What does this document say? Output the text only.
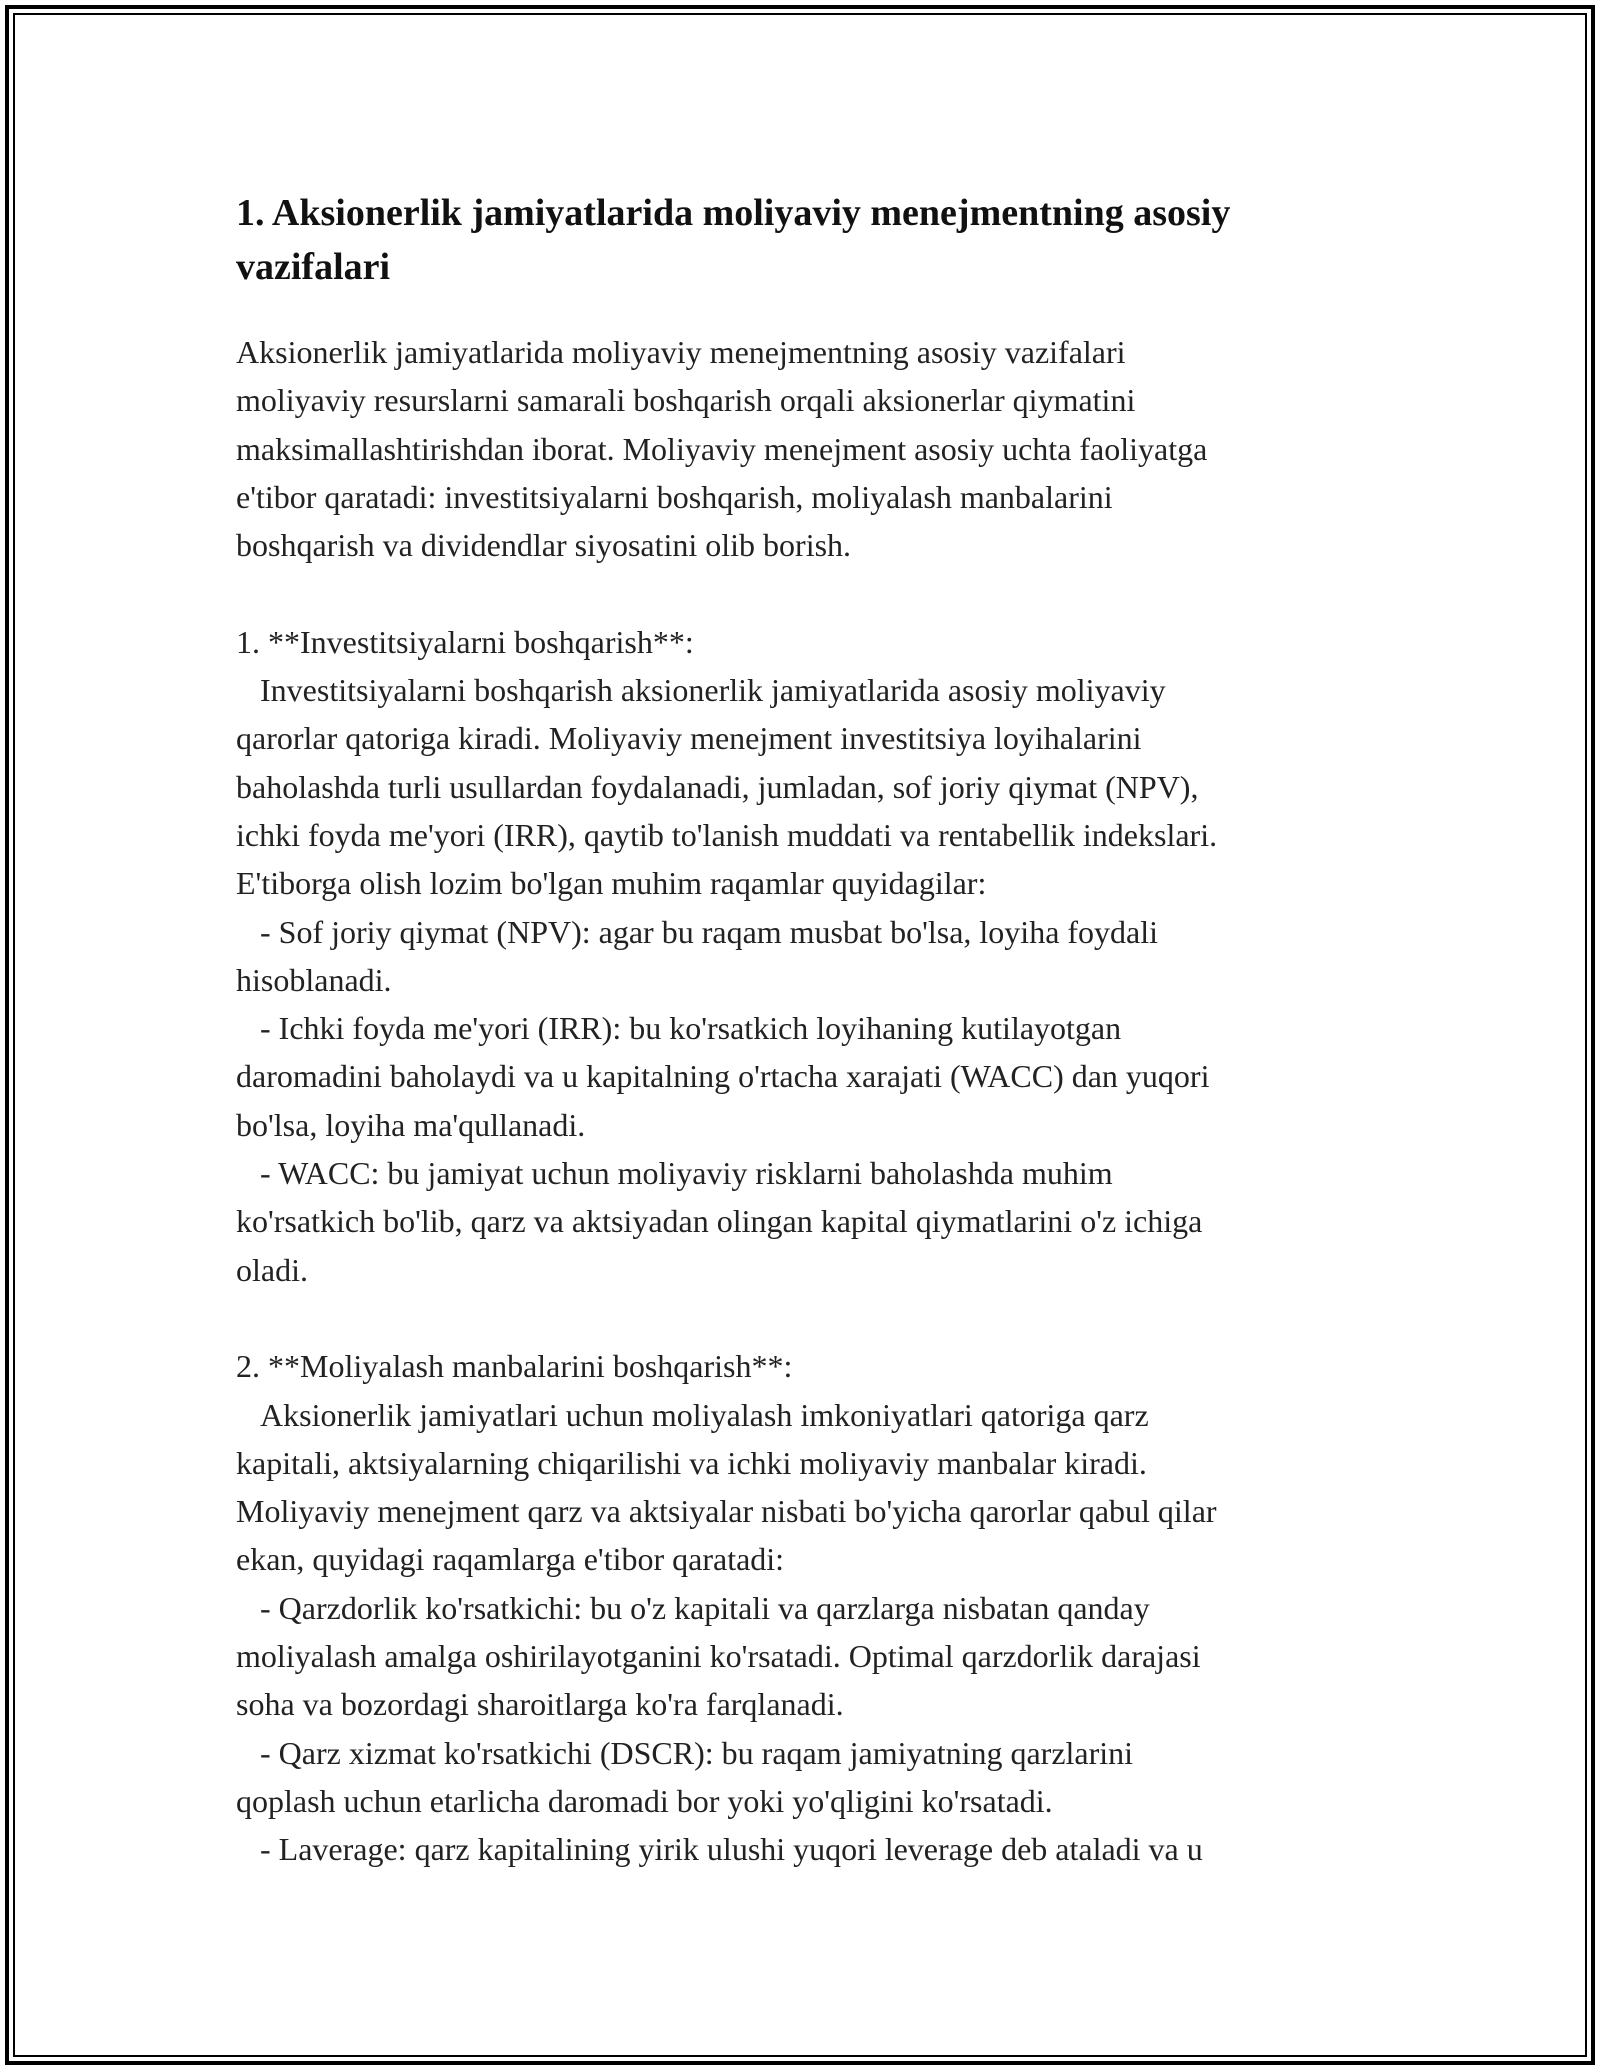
1. Aksionerlik jamiyatlarida moliyaviy menejmentning asosiy vazifalari
Aksionerlik jamiyatlarida moliyaviy menejmentning asosiy vazifalari
moliyaviy resurslarni samarali boshqarish orqali aksionerlar qiymatini
maksimallashtirishdan iborat. Moliyaviy menejment asosiy uchta faoliyatga
e'tibor qaratadi: investitsiyalarni boshqarish, moliyalash manbalarini
boshqarish va dividendlar siyosatini olib borish.

1. **Investitsiyalarni boshqarish**:
Investitsiyalarni boshqarish aksionerlik jamiyatlarida asosiy moliyaviy
qarorlar qatoriga kiradi. Moliyaviy menejment investitsiya loyihalarini
baholashda turli usullardan foydalanadi, jumladan, sof joriy qiymat (NPV),
ichki foyda me'yori (IRR), qaytib to'lanish muddati va rentabellik indekslari.
E'tiborga olish lozim bo'lgan muhim raqamlar quyidagilar:
- Sof joriy qiymat (NPV): agar bu raqam musbat bo'lsa, loyiha foydali
hisoblanadi.
- Ichki foyda me'yori (IRR): bu ko'rsatkich loyihaning kutilayotgan
daromadini baholaydi va u kapitalning o'rtacha xarajati (WACC) dan yuqori
bo'lsa, loyiha ma'qullanadi.
- WACC: bu jamiyat uchun moliyaviy risklarni baholashda muhim
ko'rsatkich bo'lib, qarz va aktsiyadan olingan kapital qiymatlarini o'z ichiga
oladi.

2. **Moliyalash manbalarini boshqarish**:
Aksionerlik jamiyatlari uchun moliyalash imkoniyatlari qatoriga qarz
kapitali, aktsiyalarning chiqarilishi va ichki moliyaviy manbalar kiradi.
Moliyaviy menejment qarz va aktsiyalar nisbati bo'yicha qarorlar qabul qilar
ekan, quyidagi raqamlarga e'tibor qaratadi:
- Qarzdorlik ko'rsatkichi: bu o'z kapitali va qarzlarga nisbatan qanday
moliyalash amalga oshirilayotganini ko'rsatadi. Optimal qarzdorlik darajasi
soha va bozordagi sharoitlarga ko'ra farqlanadi.
- Qarz xizmat ko'rsatkichi (DSCR): bu raqam jamiyatning qarzlarini
qoplash uchun etarlicha daromadi bor yoki yo'qligini ko'rsatadi.
- Laverage: qarz kapitalining yirik ulushi yuqori leverage deb ataladi va u
